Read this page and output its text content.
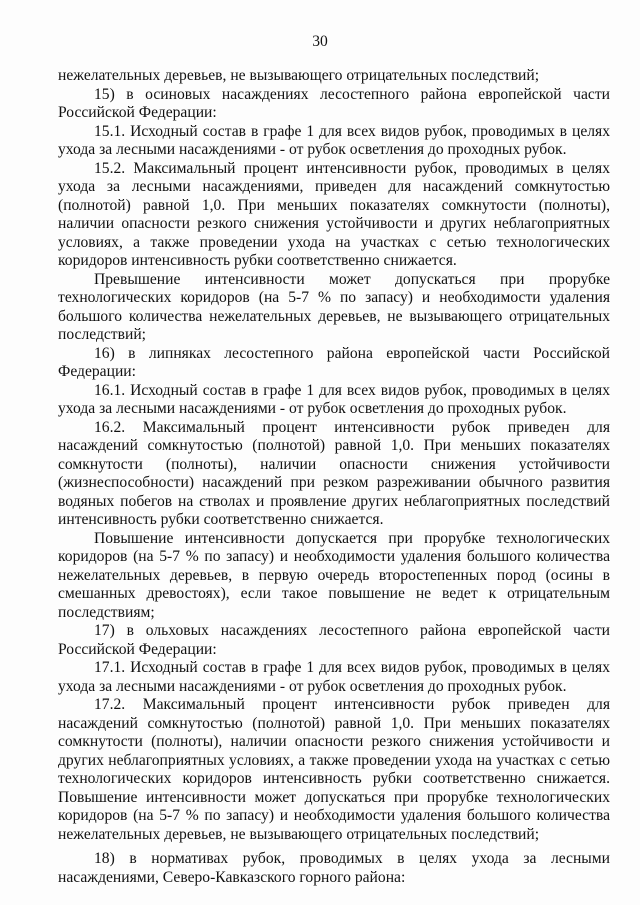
30

нежелательных деревьев, не вызывающего отрицательных последствий;

15) в осиновых насаждениях лесостепного района европейской части Российской Федерации:

15.1. Исходный состав в графе 1 для всех видов рубок, проводимых в целях ухода за лесными насаждениями - от рубок осветления до проходных рубок.

15.2. Максимальный процент интенсивности рубок, проводимых в целях ухода за лесными насаждениями, приведен для насаждений сомкнутостью (полнотой) равной 1,0. При меньших показателях сомкнутости (полноты), наличии опасности резкого снижения устойчивости и других неблагоприятных условиях, а также проведении ухода на участках с сетью технологических коридоров интенсивность рубки соответственно снижается.

Превышение интенсивности может допускаться при прорубке технологических коридоров (на 5-7 % по запасу) и необходимости удаления большого количества нежелательных деревьев, не вызывающего отрицательных последствий;

16) в липняках лесостепного района европейской части Российской Федерации:

16.1. Исходный состав в графе 1 для всех видов рубок, проводимых в целях ухода за лесными насаждениями - от рубок осветления до проходных рубок.

16.2. Максимальный процент интенсивности рубок приведен для насаждений сомкнутостью (полнотой) равной 1,0. При меньших показателях сомкнутости (полноты), наличии опасности снижения устойчивости (жизнеспособности) насаждений при резком разреживании обычного развития водяных побегов на стволах и проявление других неблагоприятных последствий интенсивность рубки соответственно снижается.

Повышение интенсивности допускается при прорубке технологических коридоров (на 5-7 % по запасу) и необходимости удаления большого количества нежелательных деревьев, в первую очередь второстепенных пород (осины в смешанных древостоях), если такое повышение не ведет к отрицательным последствиям;

17) в ольховых насаждениях лесостепного района европейской части Российской Федерации:

17.1. Исходный состав в графе 1 для всех видов рубок, проводимых в целях ухода за лесными насаждениями - от рубок осветления до проходных рубок.

17.2. Максимальный процент интенсивности рубок приведен для насаждений сомкнутостью (полнотой) равной 1,0. При меньших показателях сомкнутости (полноты), наличии опасности резкого снижения устойчивости и других неблагоприятных условиях, а также проведении ухода на участках с сетью технологических коридоров интенсивность рубки соответственно снижается. Повышение интенсивности может допускаться при прорубке технологических коридоров (на 5-7 % по запасу) и необходимости удаления большого количества нежелательных деревьев, не вызывающего отрицательных последствий;

18) в нормативах рубок, проводимых в целях ухода за лесными насаждениями, Северо-Кавказского горного района:
